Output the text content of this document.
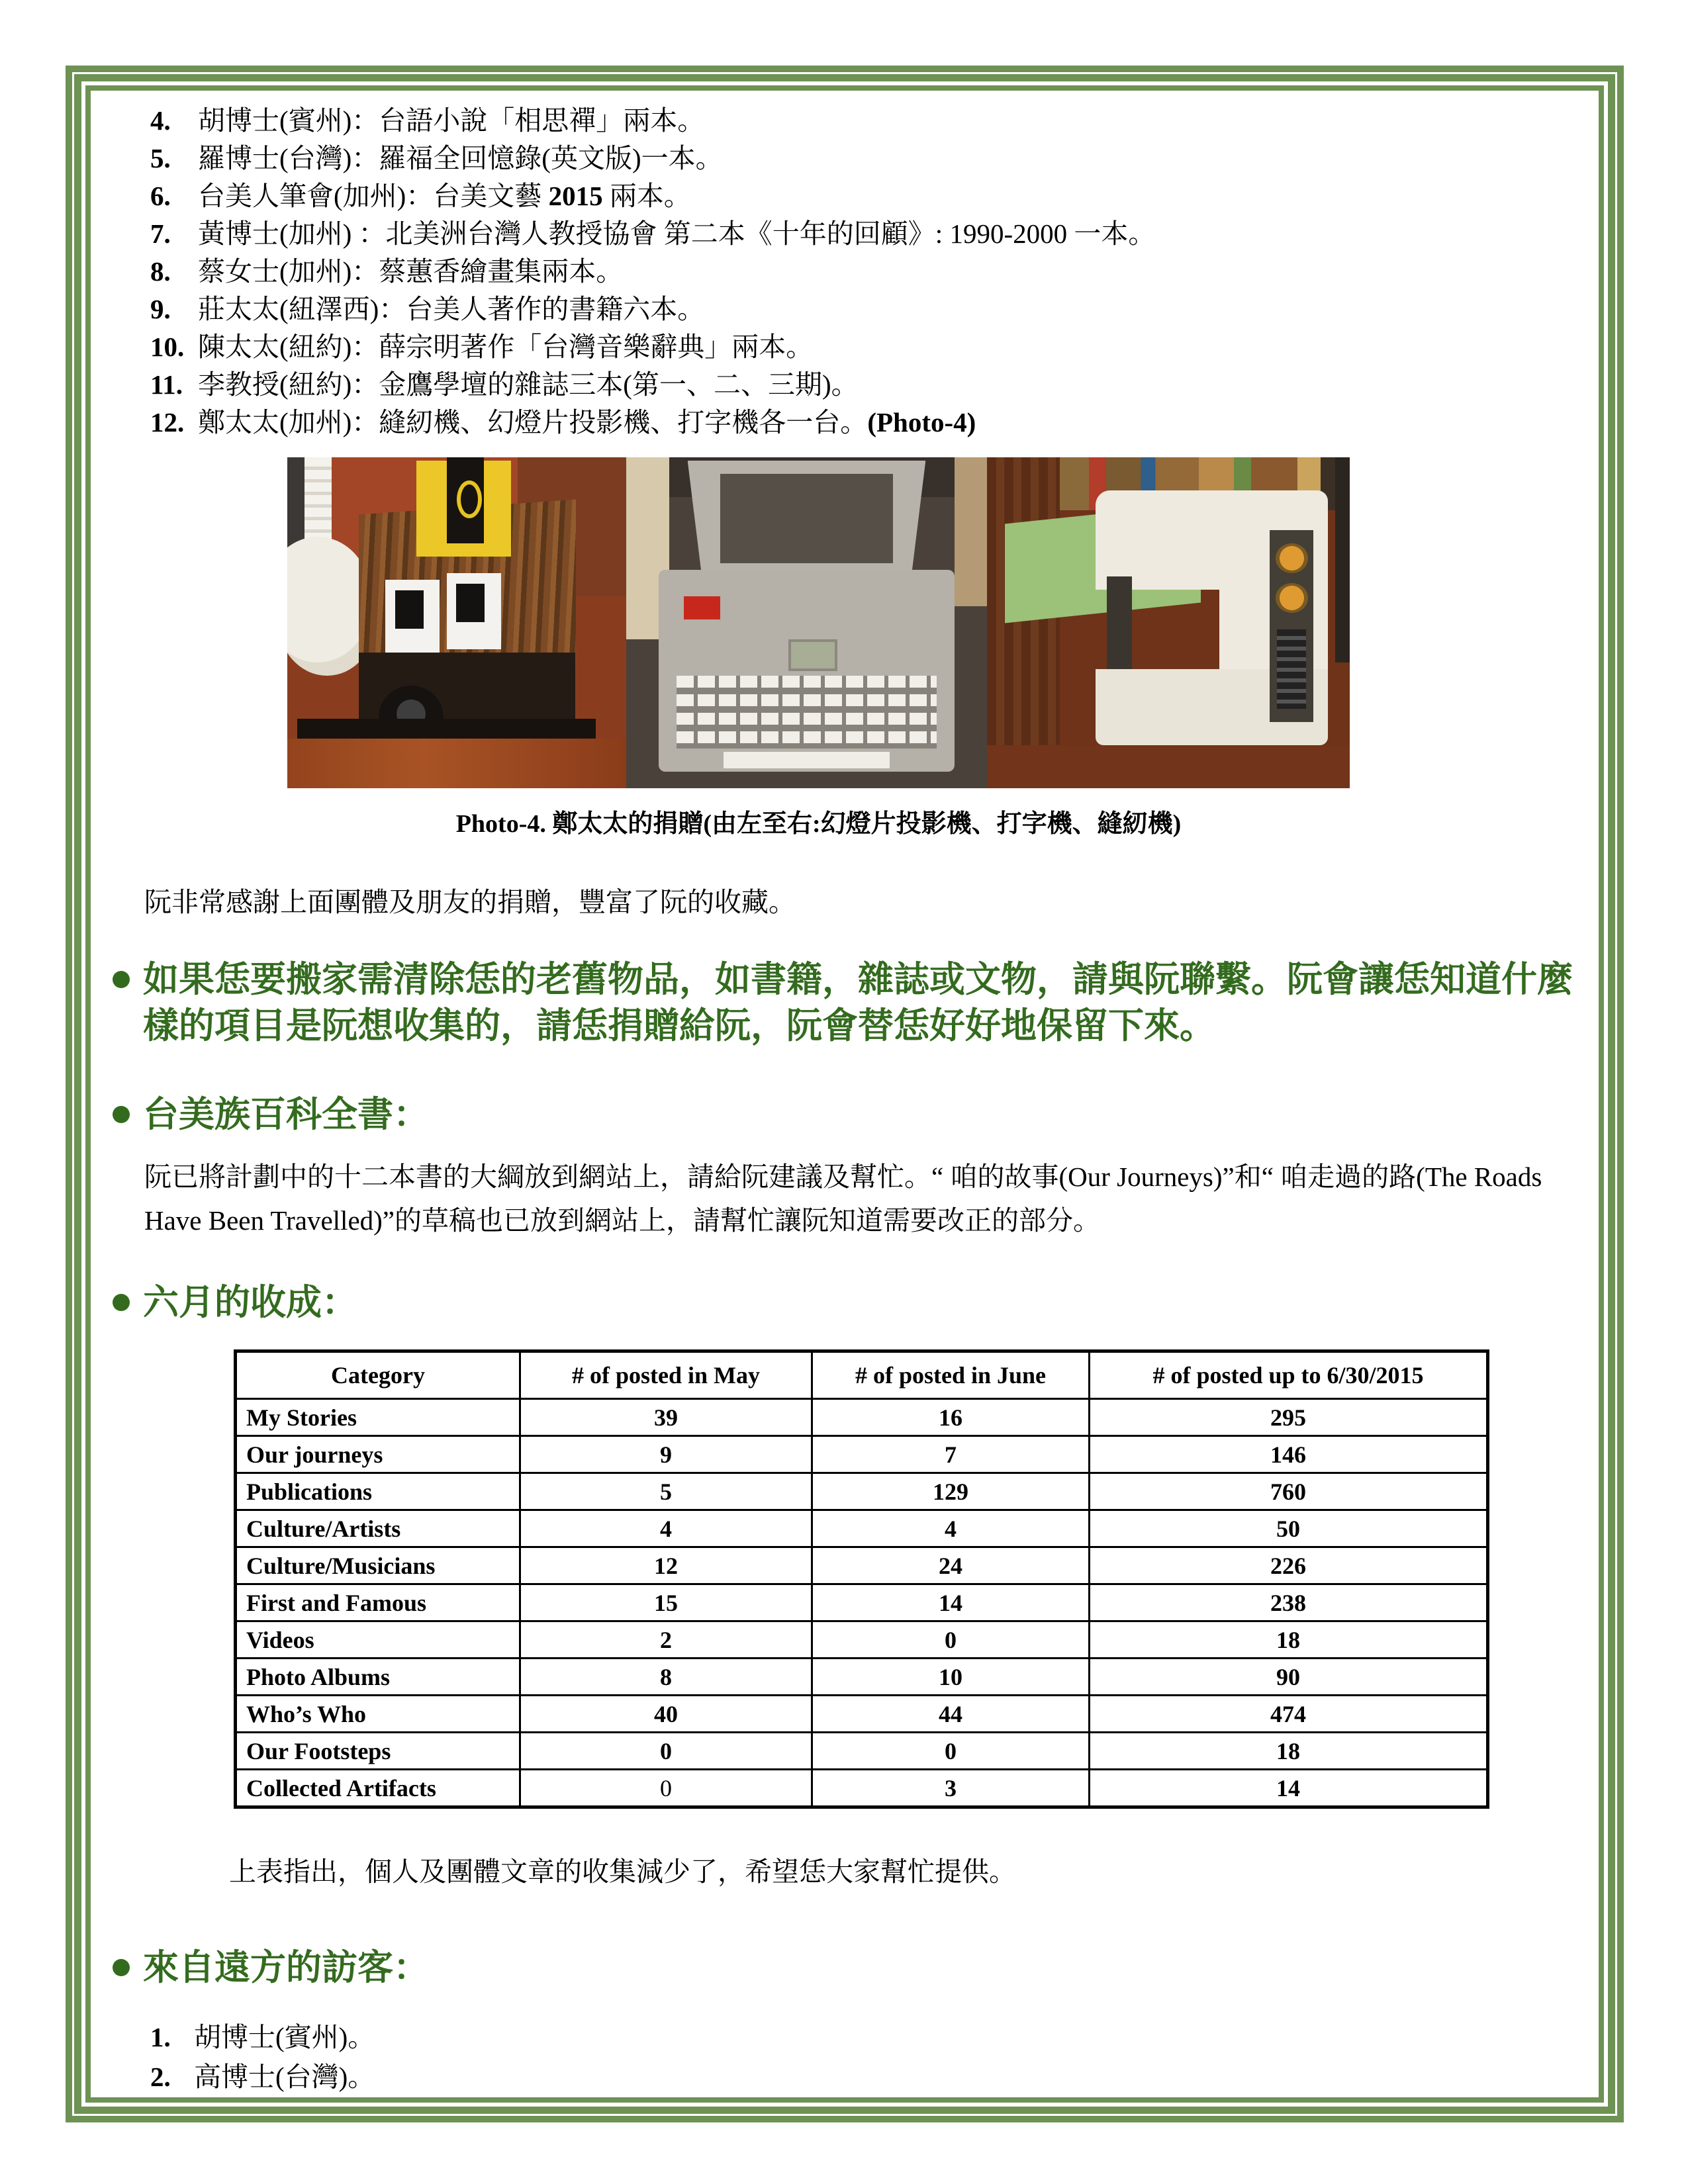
4.	胡博士(賓州)：台語小說「相思禪」兩本。
5.	羅博士(台灣)：羅福全回憶錄(英文版)一本。
6.	台美人筆會(加州)：台美文藝 2015 兩本。
7.	黃博士(加州) ：北美洲台灣人教授協會 第二本《十年的回顧》: 1990-2000 一本。
8.	蔡女士(加州)：蔡蕙香繪畫集兩本。
9.	莊太太(紐澤西)：台美人著作的書籍六本。
10. 陳太太(紐約)：薛宗明著作「台灣音樂辭典」兩本。
11. 李教授(紐約)：金鷹學壇的雜誌三本(第一、二、三期)。
12. 鄭太太(加州)：縫紉機、幻燈片投影機、打字機各一台。(Photo-4)
Photo-4. 鄭太太的捐贈(由左至右:幻燈片投影機、打字機、縫紉機)

阮非常感謝上面團體及朋友的捐贈，豐富了阮的收藏。

如果恁要搬家需清除恁的老舊物品，如書籍，雜誌或文物，請與阮聯繫。阮會讓恁知道什麼樣的項目是阮想收集的，請恁捐贈給阮，阮會替恁好好地保留下來。
台美族百科全書：

阮已將計劃中的十二本書的大綱放到網站上，請給阮建議及幫忙。“ 咱的故事(Our Journeys)”和“ 咱走過的路(The Roads Have Been Travelled)”的草稿也已放到網站上，請幫忙讓阮知道需要改正的部分。

六月的收成：
Category	# of posted in May	# of posted in June	# of posted up to 6/30/2015
My Stories	39	16	295
Our journeys	9	7	146
Publications	5	129	760
Culture/Artists	4	4	50
Culture/Musicians	12	24	226
First and Famous	15	14	238
Videos	2	0	18
Photo Albums	8	10	90
Who’s Who	40	44	474
Our Footsteps	0	0	18
Collected Artifacts	0	3	14

上表指出，個人及團體文章的收集減少了，希望恁大家幫忙提供。

來自遠方的訪客：
1. 胡博士(賓州)。
2. 高博士(台灣)。
